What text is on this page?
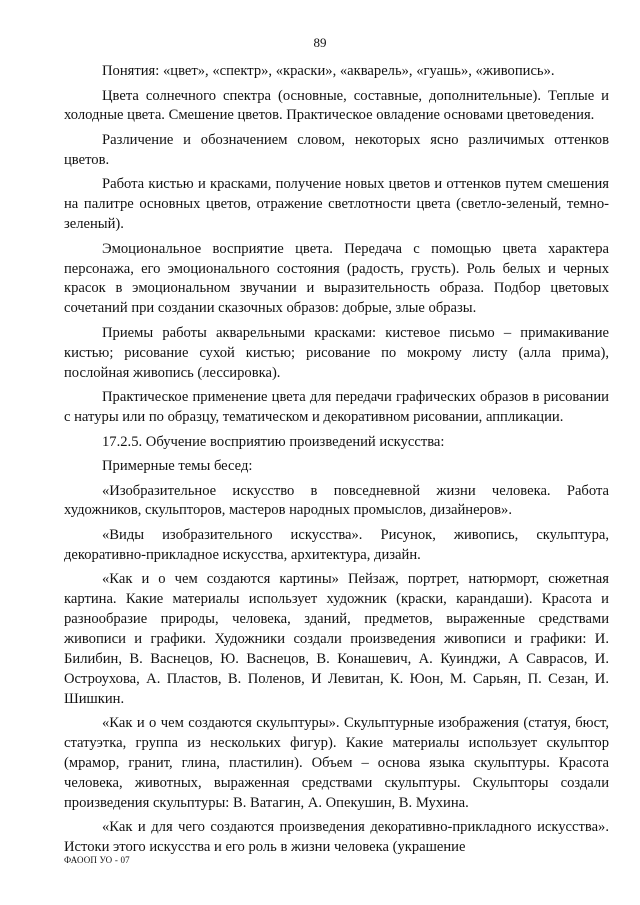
89

Понятия: «цвет», «спектр», «краски», «акварель», «гуашь», «живопись».

Цвета солнечного спектра (основные, составные, дополнительные). Теплые и холодные цвета. Смешение цветов. Практическое овладение основами цветоведения.

Различение и обозначением словом, некоторых ясно различимых оттенков цветов.

Работа кистью и красками, получение новых цветов и оттенков путем смешения на палитре основных цветов, отражение светлотности цвета (светло-зеленый, темно-зеленый).

Эмоциональное восприятие цвета. Передача с помощью цвета характера персонажа, его эмоционального состояния (радость, грусть). Роль белых и черных красок в эмоциональном звучании и выразительность образа. Подбор цветовых сочетаний при создании сказочных образов: добрые, злые образы.

Приемы работы акварельными красками: кистевое письмо – примакивание кистью; рисование сухой кистью; рисование по мокрому листу (алла прима), послойная живопись (лессировка).

Практическое применение цвета для передачи графических образов в рисовании с натуры или по образцу, тематическом и декоративном рисовании, аппликации.

17.2.5. Обучение восприятию произведений искусства:

Примерные темы бесед:

«Изобразительное искусство в повседневной жизни человека. Работа художников, скульпторов, мастеров народных промыслов, дизайнеров».

«Виды изобразительного искусства». Рисунок, живопись, скульптура, декоративно-прикладное искусства, архитектура, дизайн.

«Как и о чем создаются картины» Пейзаж, портрет, натюрморт, сюжетная картина. Какие материалы использует художник (краски, карандаши). Красота и разнообразие природы, человека, зданий, предметов, выраженные средствами живописи и графики. Художники создали произведения живописи и графики: И. Билибин, В. Васнецов, Ю. Васнецов, В. Конашевич, А. Куинджи, А Саврасов, И. Остроухова, А. Пластов, В. Поленов, И Левитан, К. Юон, М. Сарьян, П. Сезан, И. Шишкин.

«Как и о чем создаются скульптуры». Скульптурные изображения (статуя, бюст, статуэтка, группа из нескольких фигур). Какие материалы использует скульптор (мрамор, гранит, глина, пластилин). Объем – основа языка скульптуры. Красота человека, животных, выраженная средствами скульптуры. Скульпторы создали произведения скульптуры: В. Ватагин, А. Опекушин, В. Мухина.

«Как и для чего создаются произведения декоративно-прикладного искусства». Истоки этого искусства и его роль в жизни человека (украшение

ФАООП УО - 07
